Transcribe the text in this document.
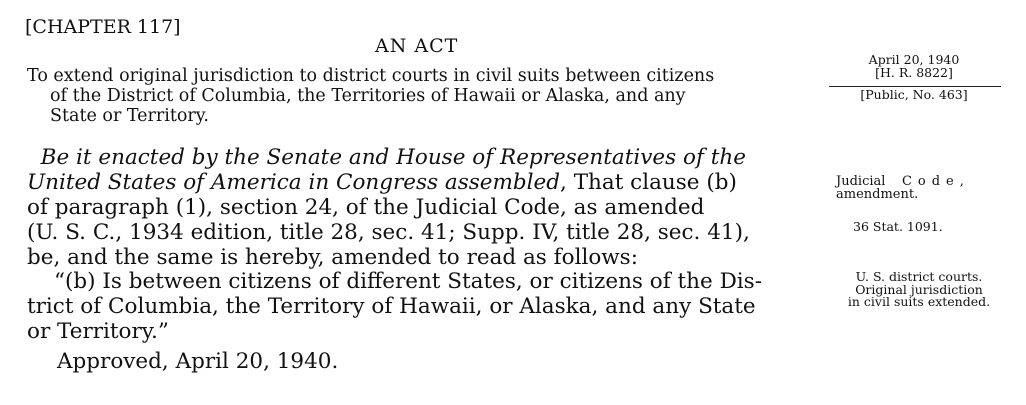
[CHAPTER 117]
AN ACT
To extend original jurisdiction to district courts in civil suits between citizens
of the District of Columbia, the Territories of Hawaii or Alaska, and any
State or Territory.
Be it enacted by the Senate and House of Representatives of the
United States of America in Congress assembled, That clause (b)
of paragraph (1), section 24, of the Judicial Code, as amended
(U. S. C., 1934 edition, title 28, sec. 41; Supp. IV, title 28, sec. 41),
be, and the same is hereby, amended to read as follows:
“(b) Is between citizens of different States, or citizens of the Dis-
trict of Columbia, the Territory of Hawaii, or Alaska, and any State
or Territory.”
Approved, April 20, 1940.
April 20, 1940
[H. R. 8822]
[Public, No. 463]
Judicial Code,
amendment.
36 Stat. 1091.
U. S. district courts.
Original jurisdiction
in civil suits extended.
